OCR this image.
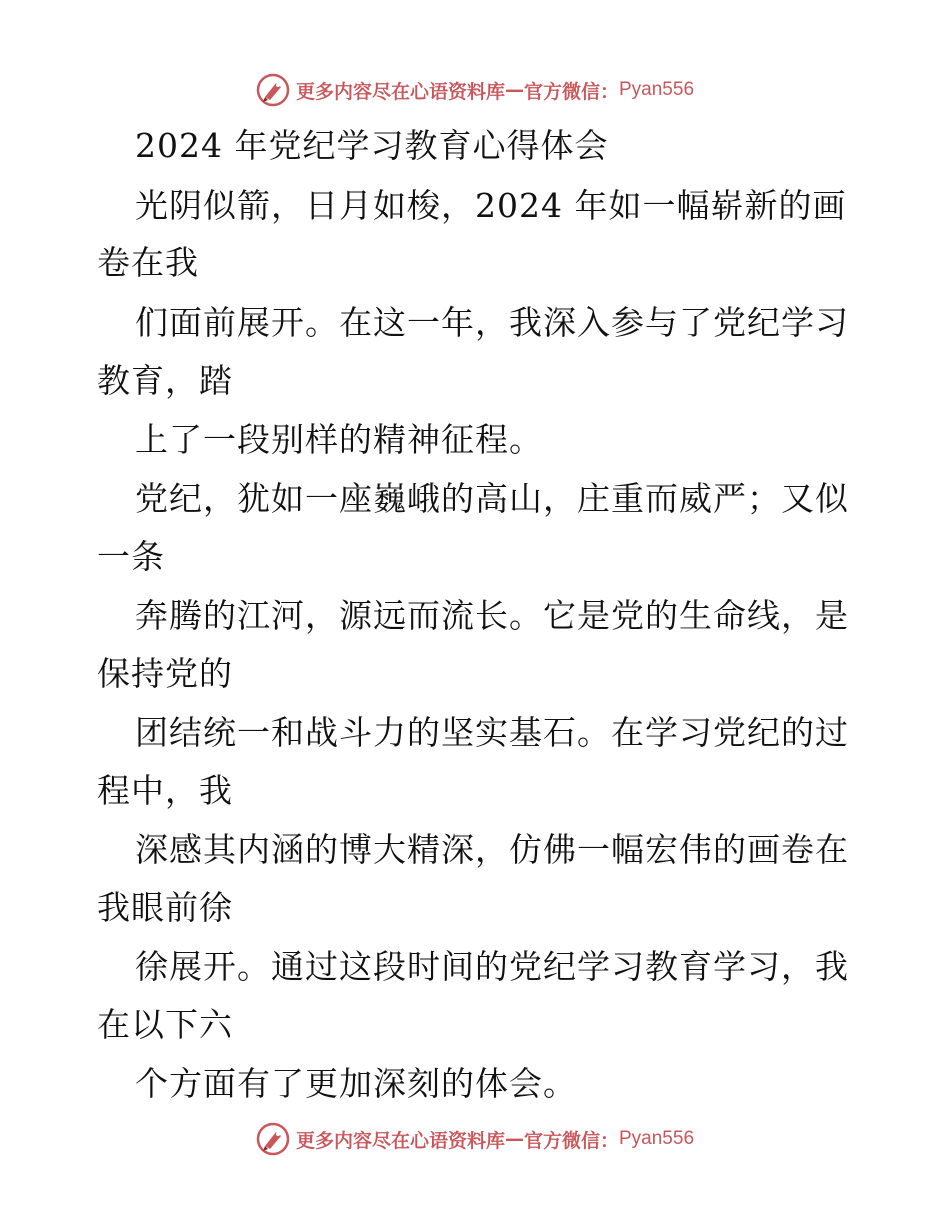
更多内容尽在心语资料库 — 官方微信： Pyan556
2024 年党纪学习教育心得体会
光阴似箭，日月如梭，2024 年如一幅崭新的画
卷在我
们面前展开。在这一年，我深入参与了党纪学习
教育，踏
上了一段别样的精神征程。
党纪，犹如一座巍峨的高山，庄重而威严；又似
一条
奔腾的江河，源远而流长。它是党的生命线，是
保持党的
团结统一和战斗力的坚实基石。在学习党纪的过
程中，我
深感其内涵的博大精深，仿佛一幅宏伟的画卷在
我眼前徐
徐展开。通过这段时间的党纪学习教育学习，我
在以下六
个方面有了更加深刻的体会。
更多内容尽在心语资料库 — 官方微信： Pyan556
